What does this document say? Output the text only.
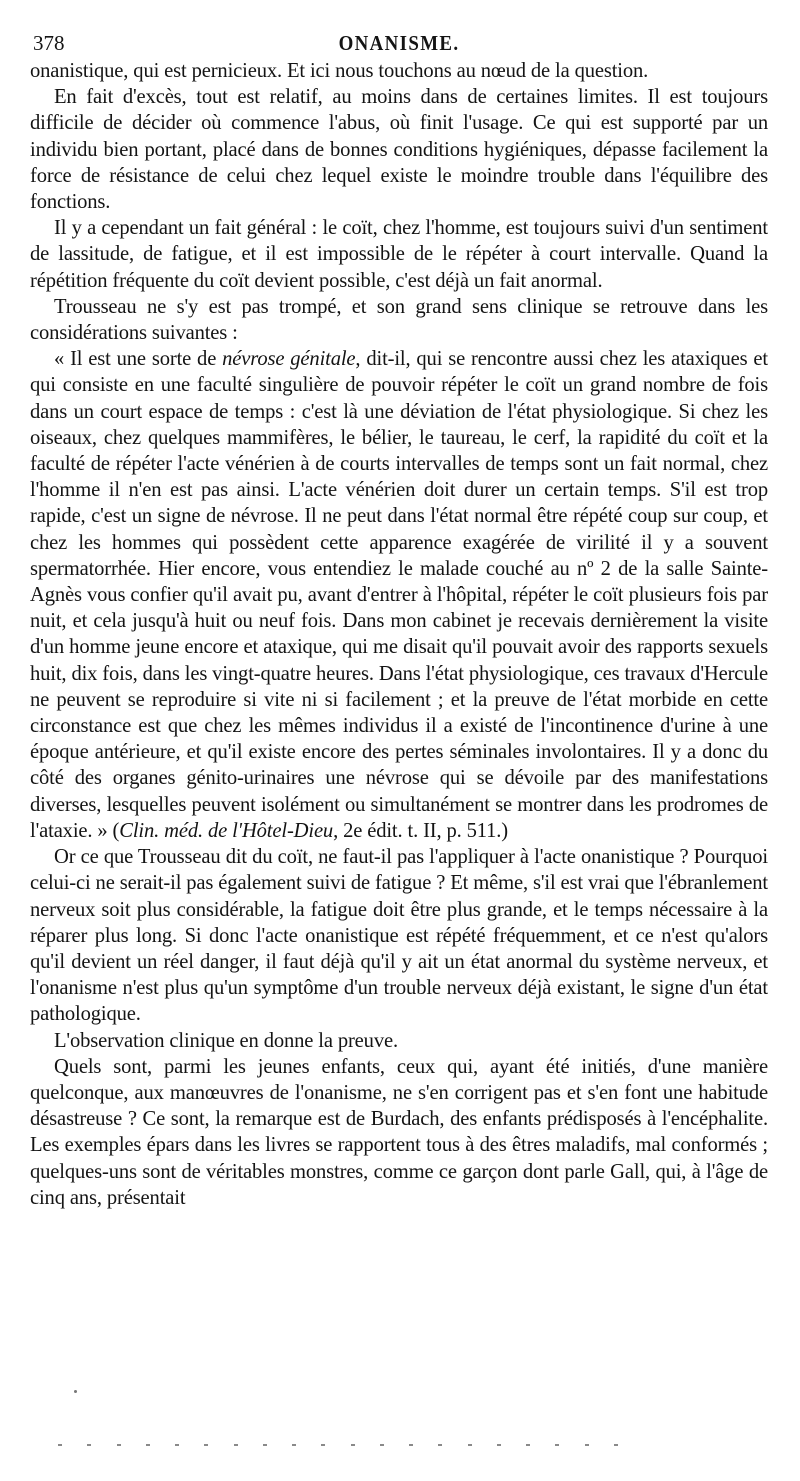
378	ONANISME.

onanistique, qui est pernicieux. Et ici nous touchons au nœud de la question.

En fait d'excès, tout est relatif, au moins dans de certaines limites. Il est toujours difficile de décider où commence l'abus, où finit l'usage. Ce qui est supporté par un individu bien portant, placé dans de bonnes conditions hygiéniques, dépasse facilement la force de résistance de celui chez lequel existe le moindre trouble dans l'équilibre des fonctions.

Il y a cependant un fait général : le coït, chez l'homme, est toujours suivi d'un sentiment de lassitude, de fatigue, et il est impossible de le répéter à court intervalle. Quand la répétition fréquente du coït devient possible, c'est déjà un fait anormal.

Trousseau ne s'y est pas trompé, et son grand sens clinique se retrouve dans les considérations suivantes :

« Il est une sorte de névrose génitale, dit-il, qui se rencontre aussi chez les ataxiques et qui consiste en une faculté singulière de pouvoir répéter le coït un grand nombre de fois dans un court espace de temps : c'est là une déviation de l'état physiologique. Si chez les oiseaux, chez quelques mammifères, le bélier, le taureau, le cerf, la rapidité du coït et la faculté de répéter l'acte vénérien à de courts intervalles de temps sont un fait normal, chez l'homme il n'en est pas ainsi. L'acte vénérien doit durer un certain temps. S'il est trop rapide, c'est un signe de névrose. Il ne peut dans l'état normal être répété coup sur coup, et chez les hommes qui possèdent cette apparence exagérée de virilité il y a souvent spermatorrhée. Hier encore, vous entendiez le malade couché au nº 2 de la salle Sainte-Agnès vous confier qu'il avait pu, avant d'entrer à l'hôpital, répéter le coït plusieurs fois par nuit, et cela jusqu'à huit ou neuf fois. Dans mon cabinet je recevais dernièrement la visite d'un homme jeune encore et ataxique, qui me disait qu'il pouvait avoir des rapports sexuels huit, dix fois, dans les vingt-quatre heures. Dans l'état physiologique, ces travaux d'Hercule ne peuvent se reproduire si vite ni si facilement ; et la preuve de l'état morbide en cette circonstance est que chez les mêmes individus il a existé de l'incontinence d'urine à une époque antérieure, et qu'il existe encore des pertes séminales involontaires. Il y a donc du côté des organes génito-urinaires une névrose qui se dévoile par des manifestations diverses, lesquelles peuvent isolément ou simultanément se montrer dans les prodromes de l'ataxie. » (Clin. méd. de l'Hôtel-Dieu, 2e édit. t. II, p. 511.)

Or ce que Trousseau dit du coït, ne faut-il pas l'appliquer à l'acte onanistique ? Pourquoi celui-ci ne serait-il pas également suivi de fatigue ? Et même, s'il est vrai que l'ébranlement nerveux soit plus considérable, la fatigue doit être plus grande, et le temps nécessaire à la réparer plus long. Si donc l'acte onanistique est répété fréquemment, et ce n'est qu'alors qu'il devient un réel danger, il faut déjà qu'il y ait un état anormal du système nerveux, et l'onanisme n'est plus qu'un symptôme d'un trouble nerveux déjà existant, le signe d'un état pathologique.

L'observation clinique en donne la preuve.

Quels sont, parmi les jeunes enfants, ceux qui, ayant été initiés, d'une manière quelconque, aux manœuvres de l'onanisme, ne s'en corrigent pas et s'en font une habitude désastreuse ? Ce sont, la remarque est de Burdach, des enfants prédisposés à l'encéphalite. Les exemples épars dans les livres se rapportent tous à des êtres maladifs, mal conformés ; quelques-uns sont de véritables monstres, comme ce garçon dont parle Gall, qui, à l'âge de cinq ans, présentait
